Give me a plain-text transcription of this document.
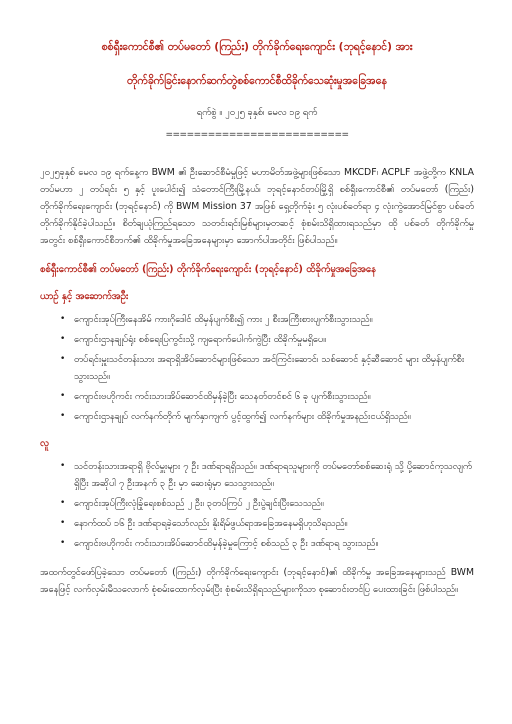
စစ်ရှီးကောင်စီ၏ တပ်မတော် (ကြည်း) တိုက်ခိုက်ရေးကျောင်း (ဘုရင့်နောင်) အား
တိုက်ခိုက်ခြင်းနောက်ဆက်တွဲစစ်ကောင်စီထိခိုက်သေဆုံးမှုအခြေအနေ
ရက်စွဲ ။ ၂၀၂၅ ခုနှစ်၊ မေလ ၁၉ ရက်
==========================
၂၀၂၅ခုနှစ် မေလ ၁၉ ရက်နေ့က BWM ၏ ဦးဆောင်စီမံမှုဖြင့် မဟာမိတ်အဖွဲ့များဖြစ်သော MKCDF၊ ACPLF အဖွဲ့တို့က KNLA တပ်မဟာ ၂ တပ်ရင်း ၅ နှင့် ပူးပေါင်း၍ သံတောင်ကြီးမြို့နယ်၊ ဘုရင့်နောင်တပ်မြို့ရှိ စစ်ရှီးကောင်စီ၏ တပ်မတော် (ကြည်း) တိုက်ခိုက်ရေးကျောင်း (ဘုရင့်နောင်) ကို BWM Mission 37 အဖြစ် ရှေ့တိုက်ခုံး ၅ လုံးပစ်ခတ်ရာ ၄ လုံးကွဲအောင်မြင်စွာ ပစ်ခတ် တိုက်ခိုက်နိုင်ခဲ့ပါသည်။ စိတ်ချယုံကြည်ရသော သတင်းရင်းမြစ်များမှတဆင့် စုံစမ်းသိရှိထားရသည်မှာ ထို ပစ်ခတ် တိုက်ခိုက်မှုအတွင်း စစ်ရှီးကောင်စီဘက်၏ ထိခိုက်မှုအခြေအနေများမှာ အောက်ပါအတိုင်း ဖြစ်ပါသည်။
စစ်ရှီးကောင်စီ၏ တပ်မတော် (ကြည်း) တိုက်ခိုက်ရေးကျောင်း (ဘုရင့်နောင်) ထိခိုက်မှုအခြေအနေ
ယာဉ် နှင့် အဆောက်အဦး
• ကျောင်းအုပ်ကြီးနေအိမ် ကားဂိုဒေါင် ထိမှန်ပျက်စီး၍ ကား ၂ စီးအကြီးစားပျက်စီးသွားသည်။
• ကျောင်းဌာနချုပ်ရုံး စစ်ရေးပြကွင်းသို့ ကျရောက်ပေါက်ကွဲပြီး ထိခိုက်မှုမရှိပေ။
• တပ်ရင်းမှူးသင်တန်းသား အရာရှိအိပ်ဆောင်များဖြစ်သော အင်ကြင်းဆောင်၊ သစ်ဆောင် နှင့်ဆီဆောင် များ ထိမှန်ပျက်စီးသွားသည်။
• ကျောင်းဗဟိုကင်း ကင်းသားအိပ်ဆောင်ထိမှန်ခဲ့ပြီး သေနတ်တင်စင် ၆ ခု ပျက်စီးသွားသည်။
• ကျောင်းဌာနချုပ် လက်နက်တိုက် မျက်နှာကျက် ပွင့်ထွက်၍ လက်နက်များ ထိခိုက်မှုအနည်းငယ်ရှိသည်။
လူ
• သင်တန်းသားအရာရှိ ဗိုလ်မှူးများ ၇ ဦး ဒဏ်ရာရရှိသည်။ ဒဏ်ရာရသူများကို တပ်မတော်စစ်ဆေးရုံ သို့ ပို့ဆောင်ကုသလျက်ရှိပြီး အဆိုပါ ၇ ဦးအနက် ၃ ဦး မှာ ဆေးရုံမှာ သေသွားသည်။
• ကျောင်းအုပ်ကြီးလုံခြုံရေးစစ်သည် ၂ ဦး၊ ၃တပ်ကြပ် ၂ ဦးပွဲချင်းပြီးသေသည်။
• နောက်ထပ် ၁၆ ဦး ဒဏ်ရာရခဲ့သော်လည်း နိုးရိမ်ဖွယ်ရာအခြေအနေမရှိဟုသိရသည်။
• ကျောင်းဗဟိုကင်း ကင်းသားအိပ်ဆောင်ထိမှန်ခဲ့မှုကြောင့် စစ်သည် ၃ ဦး ဒဏ်ရာရ သွားသည်။
အထက်တွင်ဖော်ပြခဲ့သော တပ်မတော် (ကြည်း) တိုက်ခိုက်ရေးကျောင်း (ဘုရင့်နောင်)၏ ထိခိုက်မှု အခြေအနေများသည် BWM အနေဖြင့် လက်လှမ်းမီသလောက် စုံစမ်းထောက်လှမ်းပြီး စုံစမ်းသိရှိရသည်များကိုသာ စုဆောင်းတင်ပြ ပေးထားခြင်း ဖြစ်ပါသည်။
